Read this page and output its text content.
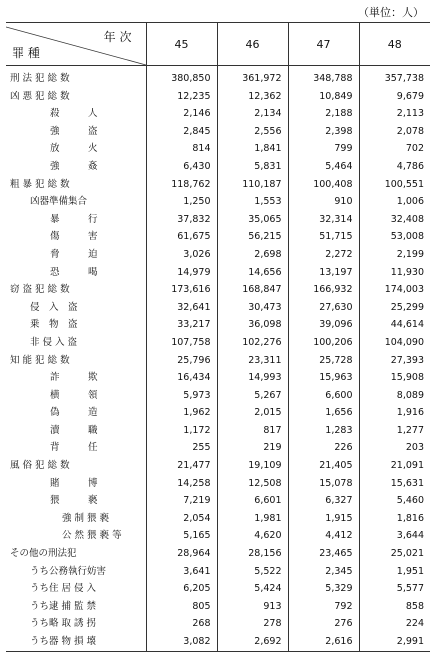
（単位：人）
年 次
罪 種	45	46	47	48
刑 法 犯 総 数	380,850	361,972	348,788	357,738
凶 悪 犯 総 数	12,235	12,362	10,849	9,679
殺　　　人	2,146	2,134	2,188	2,113
強　　　盗	2,845	2,556	2,398	2,078
放　　　火	814	1,841	799	702
強　　　姦	6,430	5,831	5,464	4,786
粗 暴 犯 総 数	118,762	110,187	100,408	100,551
凶器準備集合	1,250	1,553	910	1,006
暴　　　行	37,832	35,065	32,314	32,408
傷　　　害	61,675	56,215	51,715	53,008
脅　　　迫	3,026	2,698	2,272	2,199
恐　　　喝	14,979	14,656	13,197	11,930
窃 盗 犯 総 数	173,616	168,847	166,932	174,003
侵　入　盗	32,641	30,473	27,630	25,299
乗　物　盗	33,217	36,098	39,096	44,614
非 侵 入 盗	107,758	102,276	100,206	104,090
知 能 犯 総 数	25,796	23,311	25,728	27,393
詐　　　欺	16,434	14,993	15,963	15,908
横　　　領	5,973	5,267	6,600	8,089
偽　　　造	1,962	2,015	1,656	1,916
瀆　　　職	1,172	817	1,283	1,277
背　　　任	255	219	226	203
風 俗 犯 総 数	21,477	19,109	21,405	21,091
賭　　　博	14,258	12,508	15,078	15,631
猥　　　褻	7,219	6,601	6,327	5,460
強 制 猥 褻	2,054	1,981	1,915	1,816
公 然 猥 褻 等	5,165	4,620	4,412	3,644
その他の刑法犯	28,964	28,156	23,465	25,021
うち公務執行妨害	3,641	5,522	2,345	1,951
うち住 居 侵 入	6,205	5,424	5,329	5,577
うち逮 捕 監 禁	805	913	792	858
うち略 取 誘 拐	268	278	276	224
うち器 物 損 壊	3,082	2,692	2,616	2,991
